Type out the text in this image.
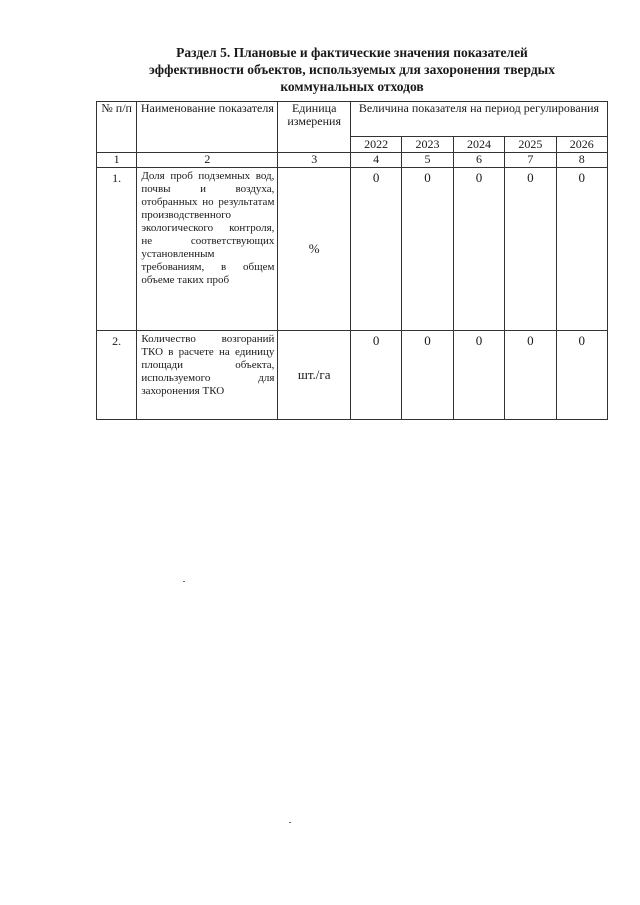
Раздел 5. Плановые и фактические значения показателей
эффективности объектов, используемых для захоронения твердых
коммунальных отходов
№ п/п	Наименование показателя	Единица измерения	Величина показателя на период регулирования				
			2022	2023	2024	2025	2026
1	2	3	4	5	6	7	8
1.	Доля проб подземных вод, почвы и воздуха, отобранных но результатам производственного экологического контроля, не соответствующих установленным требованиям, в общем объеме таких проб	%	0	0	0	0	0
2.	Количество возгораний ТКО в расчете на единицу площади объекта, используемого для захоронения ТКО	шт./га	0	0	0	0	0
